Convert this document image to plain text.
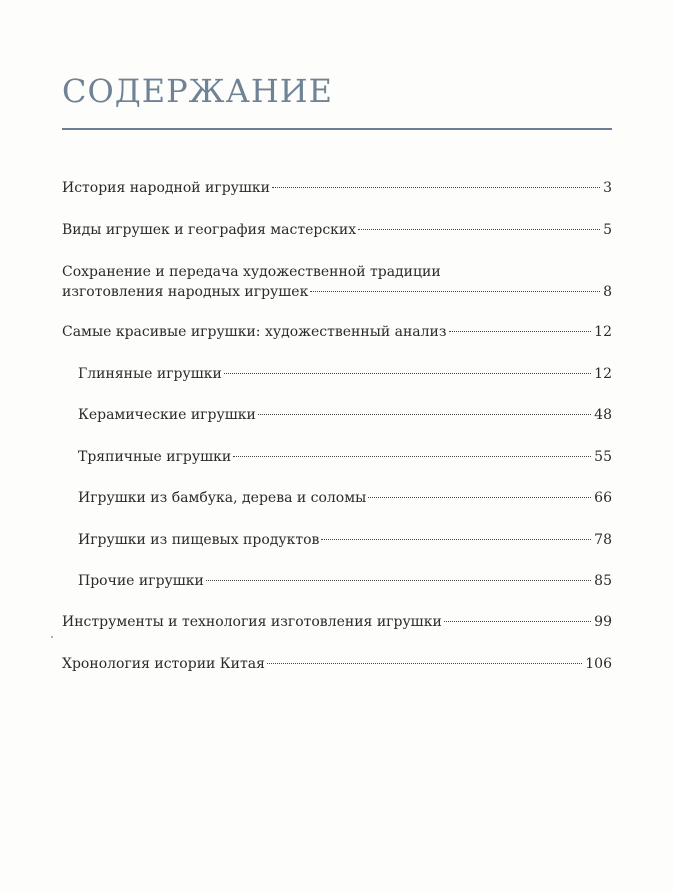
СОДЕРЖАНИЕ
История народной игрушки	3
Виды игрушек и география мастерских	5
Сохранение и передача художественной традиции
изготовления народных игрушек	8
Самые красивые игрушки: художественный анализ	12
Глиняные игрушки	12
Керамические игрушки	48
Тряпичные игрушки	55
Игрушки из бамбука, дерева и соломы	66
Игрушки из пищевых продуктов	78
Прочие игрушки	85
Инструменты и технология изготовления игрушки	99
Хронология истории Китая	106
